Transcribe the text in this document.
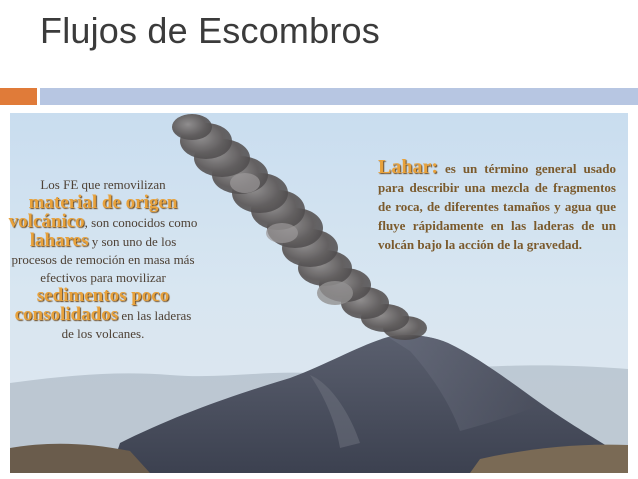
Flujos de Escombros
Los FE que removilizan
material de origen volcánico, son conocidos como
lahares y son uno de los procesos de remoción en masa más efectivos para movilizar
sedimentos poco consolidados en las laderas de los volcanes.
Lahar: es un término general usado para describir una mezcla de fragmentos de roca, de diferentes tamaños y agua que fluye rápidamente en las laderas de un volcán bajo la acción de la gravedad.
